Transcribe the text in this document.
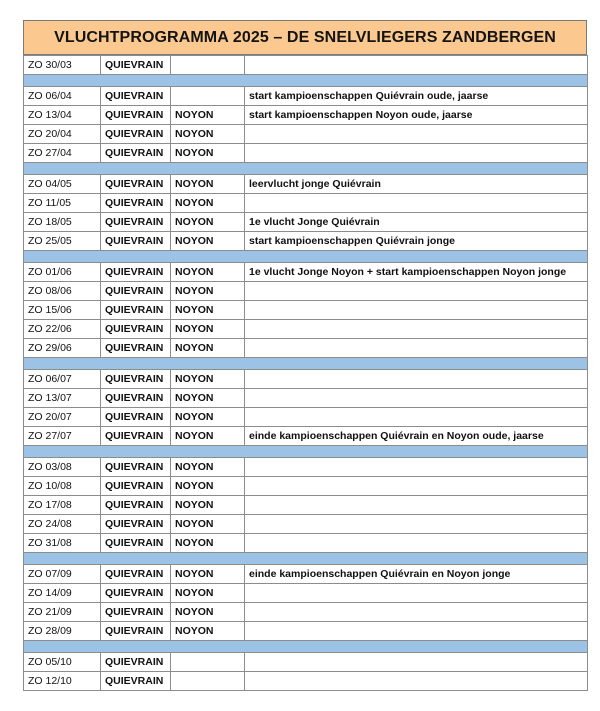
VLUCHTPROGRAMMA 2025 – DE SNELVLIEGERS ZANDBERGEN
ZO 30/03	QUIEVRAIN		

ZO 06/04	QUIEVRAIN		start kampioenschappen Quiévrain oude, jaarse
ZO 13/04	QUIEVRAIN	NOYON	start kampioenschappen Noyon oude, jaarse
ZO 20/04	QUIEVRAIN	NOYON	
ZO 27/04	QUIEVRAIN	NOYON	

ZO 04/05	QUIEVRAIN	NOYON	leervlucht jonge Quiévrain
ZO 11/05	QUIEVRAIN	NOYON	
ZO 18/05	QUIEVRAIN	NOYON	1e vlucht Jonge Quiévrain
ZO 25/05	QUIEVRAIN	NOYON	start kampioenschappen Quiévrain jonge

ZO 01/06	QUIEVRAIN	NOYON	1e vlucht Jonge Noyon + start kampioenschappen Noyon jonge
ZO 08/06	QUIEVRAIN	NOYON	
ZO 15/06	QUIEVRAIN	NOYON	
ZO 22/06	QUIEVRAIN	NOYON	
ZO 29/06	QUIEVRAIN	NOYON	

ZO 06/07	QUIEVRAIN	NOYON	
ZO 13/07	QUIEVRAIN	NOYON	
ZO 20/07	QUIEVRAIN	NOYON	
ZO 27/07	QUIEVRAIN	NOYON	einde kampioenschappen Quiévrain en Noyon oude, jaarse

ZO 03/08	QUIEVRAIN	NOYON	
ZO 10/08	QUIEVRAIN	NOYON	
ZO 17/08	QUIEVRAIN	NOYON	
ZO 24/08	QUIEVRAIN	NOYON	
ZO 31/08	QUIEVRAIN	NOYON	

ZO 07/09	QUIEVRAIN	NOYON	einde kampioenschappen Quiévrain en Noyon jonge
ZO 14/09	QUIEVRAIN	NOYON	
ZO 21/09	QUIEVRAIN	NOYON	
ZO 28/09	QUIEVRAIN	NOYON	

ZO 05/10	QUIEVRAIN		
ZO 12/10	QUIEVRAIN		
